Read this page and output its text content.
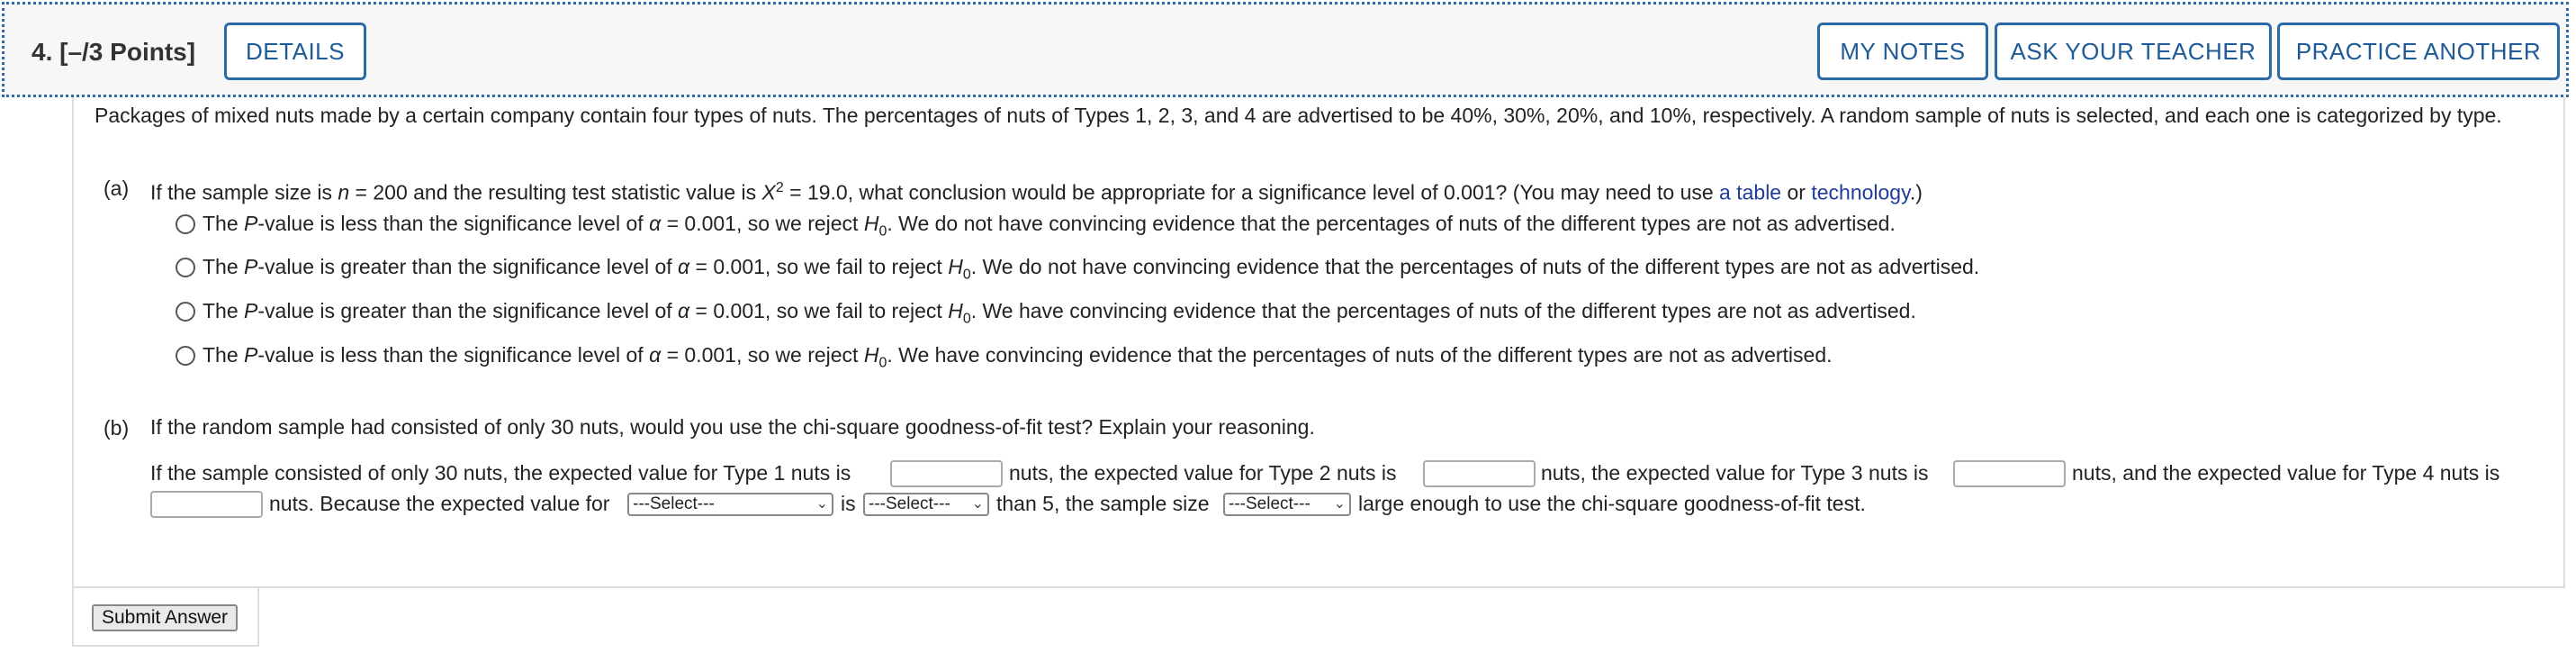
4. [–/3 Points]	DETAILS	MY NOTES	ASK YOUR TEACHER	PRACTICE ANOTHER
Packages of mixed nuts made by a certain company contain four types of nuts. The percentages of nuts of Types 1, 2, 3, and 4 are advertised to be 40%, 30%, 20%, and 10%, respectively. A random sample of nuts is selected, and each one is categorized by type.
(a) If the sample size is n = 200 and the resulting test statistic value is $X^2 = 19.0$, what conclusion would be appropriate for a significance level of 0.001? (You may need to use a table or technology.)
The P-value is less than the significance level of α = 0.001, so we reject $H_0$. We do not have convincing evidence that the percentages of nuts of the different types are not as advertised.
The P-value is greater than the significance level of α = 0.001, so we fail to reject $H_0$. We do not have convincing evidence that the percentages of nuts of the different types are not as advertised.
The P-value is greater than the significance level of α = 0.001, so we fail to reject $H_0$. We have convincing evidence that the percentages of nuts of the different types are not as advertised.
The P-value is less than the significance level of α = 0.001, so we reject $H_0$. We have convincing evidence that the percentages of nuts of the different types are not as advertised.
(b) If the random sample had consisted of only 30 nuts, would you use the chi-square goodness-of-fit test? Explain your reasoning.
If the sample consisted of only 30 nuts, the expected value for Type 1 nuts is	nuts, the expected value for Type 2 nuts is	nuts, the expected value for Type 3 nuts is	nuts, and the expected value for Type 4 nuts is
nuts. Because the expected value for	---Select---	⌄ is ---Select--- ⌄ than 5, the sample size	---Select--- ⌄ large enough to use the chi-square goodness-of-fit test.
Submit Answer
